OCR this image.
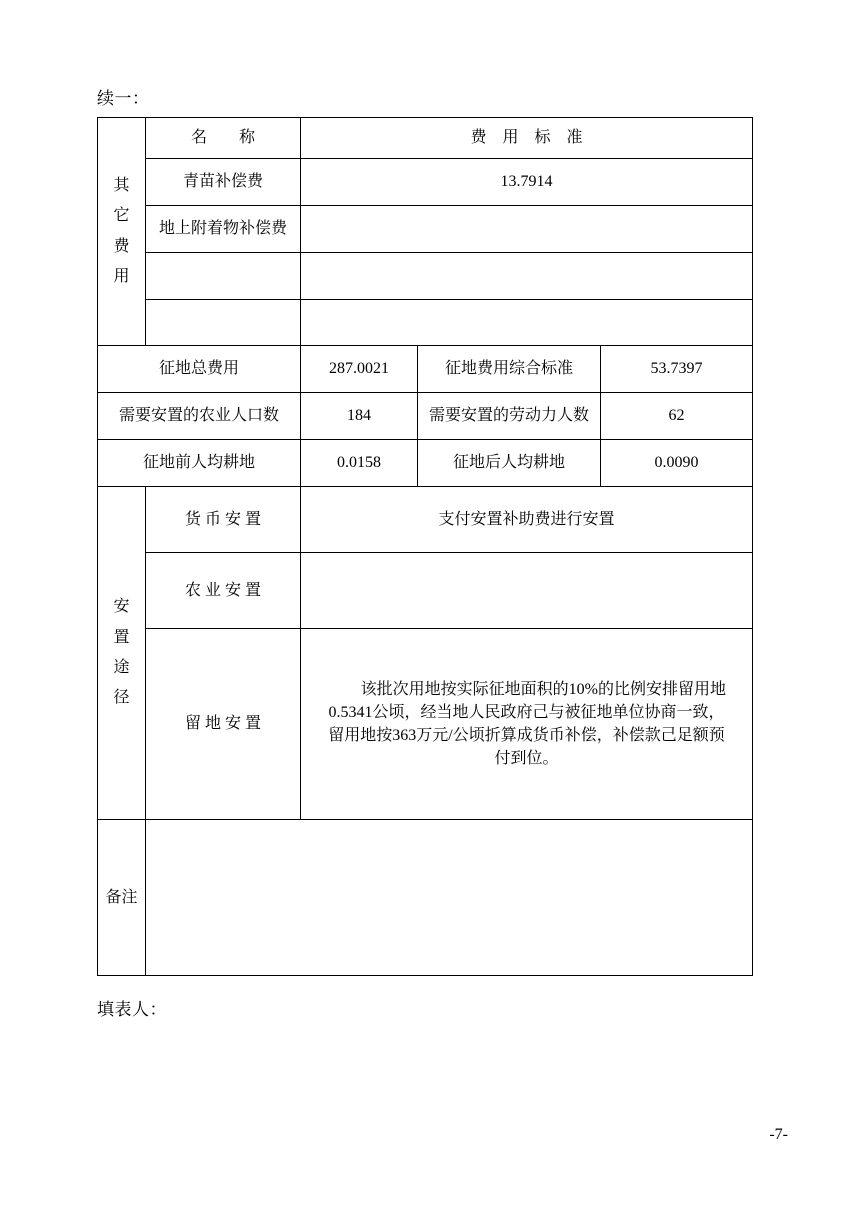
续一：
其
它
费
用	名　　称	费　用　标　准		
	青苗补偿费	13.7914		
	地上附着物补偿费			

征地总费用		287.0021	征地费用综合标准	53.7397
需要安置的农业人口数		184	需要安置的劳动力人数	62
征地前人均耕地		0.0158	征地后人均耕地	0.0090

安
置
途
径	货 币 安 置	支付安置补助费进行安置		
	农 业 安 置			
	留 地 安 置	该批次用地按实际征地面积的10%的比例安排留用地
0.5341公顷，经当地人民政府己与被征地单位协商一致，
留用地按363万元/公顷折算成货币补偿，补偿款己足额预
付到位。		

备注				
填表人：
-7-
